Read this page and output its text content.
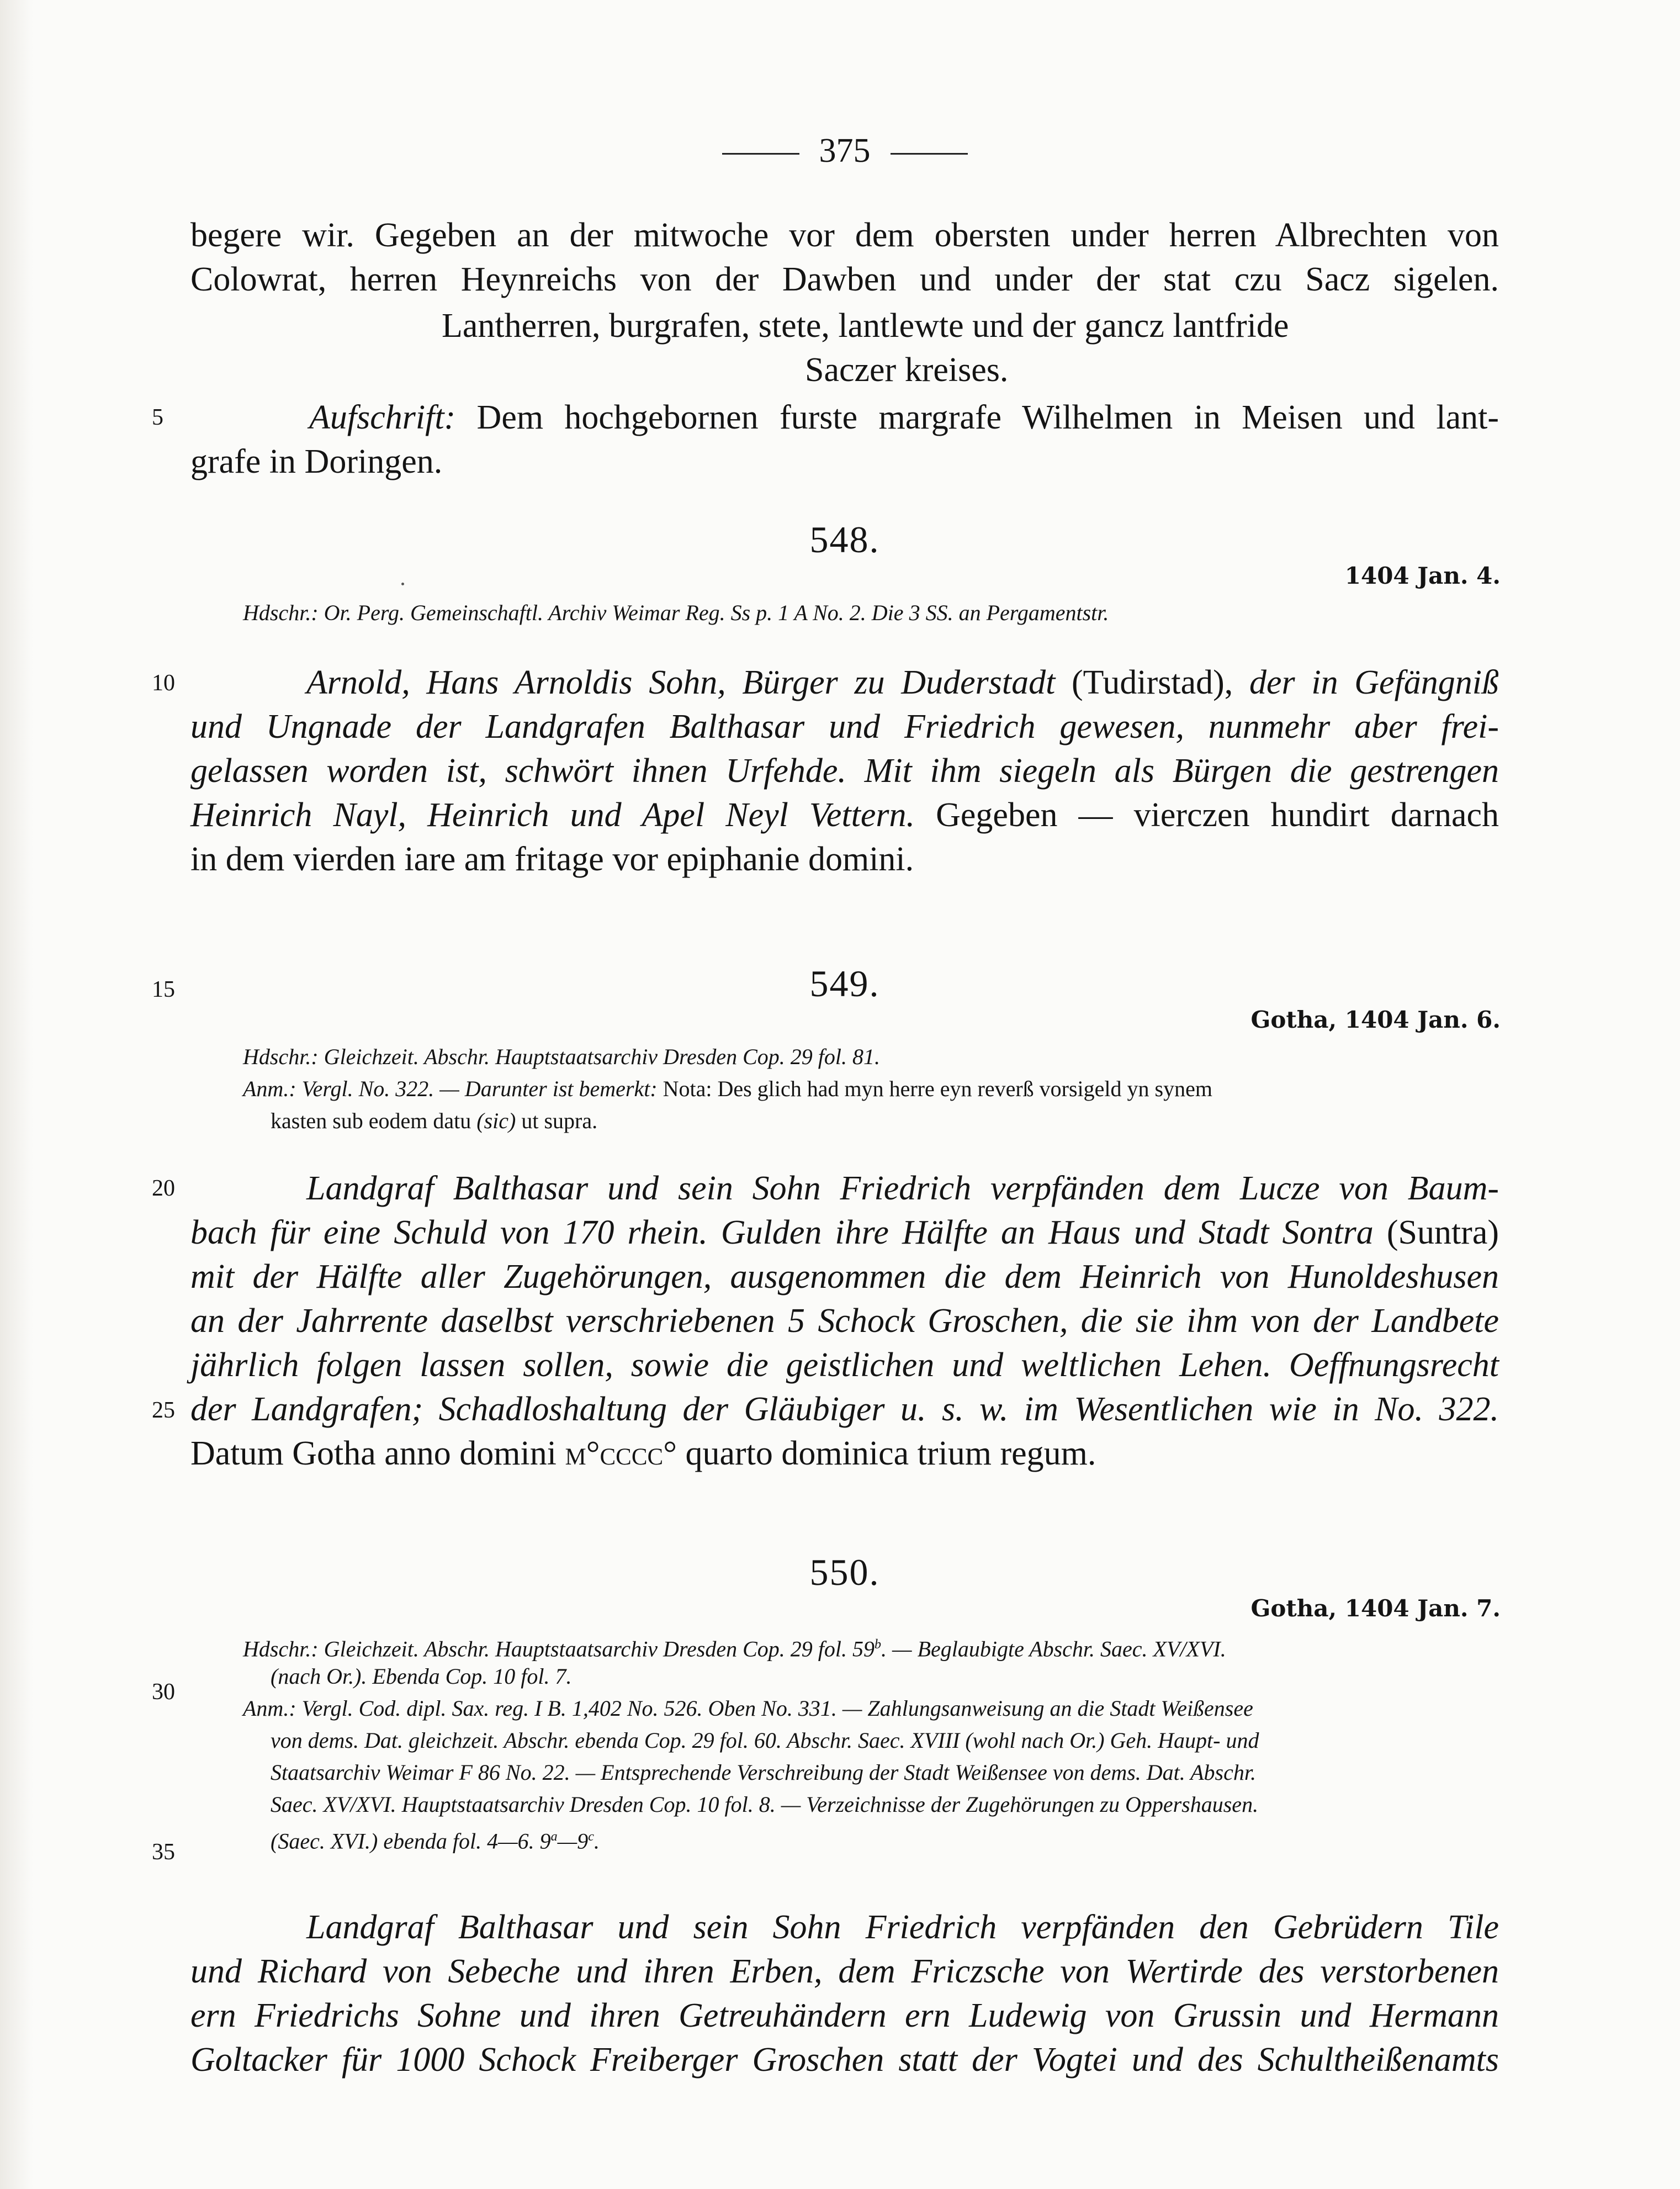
375
begere wir. Gegeben an der mitwoche vor dem obersten under herren Albrechten von
Colowrat, herren Heynreichs von der Dawben und under der stat czu Sacz sigelen.
Lantherren, burgrafen, stete, lantlewte und der gancz lantfride
Saczer kreises.
5	Aufschrift: Dem hochgebornen furste margrafe Wilhelmen in Meisen und lant-
grafe in Doringen.
548.
1404 Jan. 4.
Hdschr.: Or. Perg. Gemeinschaftl. Archiv Weimar Reg. Ss p. 1 A No. 2. Die 3 SS. an Pergamentstr.
10	Arnold, Hans Arnoldis Sohn, Bürger zu Duderstadt (Tudirstad), der in Gefängniß
und Ungnade der Landgrafen Balthasar und Friedrich gewesen, nunmehr aber frei-
gelassen worden ist, schwört ihnen Urfehde. Mit ihm siegeln als Bürgen die gestrengen
Heinrich Nayl, Heinrich und Apel Neyl Vettern. Gegeben — vierczen hundirt darnach
in dem vierden iare am fritage vor epiphanie domini.
15	549.
Gotha, 1404 Jan. 6.
Hdschr.: Gleichzeit. Abschr. Hauptstaatsarchiv Dresden Cop. 29 fol. 81.
Anm.: Vergl. No. 322. — Darunter ist bemerkt: Nota: Des glich had myn herre eyn reverß vorsigeld yn synem
kasten sub eodem datu (sic) ut supra.
20	Landgraf Balthasar und sein Sohn Friedrich verpfänden dem Lucze von Baum-
bach für eine Schuld von 170 rhein. Gulden ihre Hälfte an Haus und Stadt Sontra (Suntra)
mit der Hälfte aller Zugehörungen, ausgenommen die dem Heinrich von Hunoldeshusen
an der Jahrrente daselbst verschriebenen 5 Schock Groschen, die sie ihm von der Landbete
jährlich folgen lassen sollen, sowie die geistlichen und weltlichen Lehen. Oeffnungsrecht
25 der Landgrafen; Schadloshaltung der Gläubiger u. s. w. im Wesentlichen wie in No. 322.
Datum Gotha anno domini m°cccc° quarto dominica trium regum.
550.
Gotha, 1404 Jan. 7.
Hdschr.: Gleichzeit. Abschr. Hauptstaatsarchiv Dresden Cop. 29 fol. 59$^b$. — Beglaubigte Abschr. Saec. XV/XVI.
30
(nach Or.). Ebenda Cop. 10 fol. 7.
Anm.: Vergl. Cod. dipl. Sax. reg. I B. 1,402 No. 526. Oben No. 331. — Zahlungsanweisung an die Stadt Weißensee
von dems. Dat. gleichzeit. Abschr. ebenda Cop. 29 fol. 60. Abschr. Saec. XVIII (wohl nach Or.) Geh. Haupt- und
Staatsarchiv Weimar F 86 No. 22. — Entsprechende Verschreibung der Stadt Weißensee von dems. Dat. Abschr.
Saec. XV/XVI. Hauptstaatsarchiv Dresden Cop. 10 fol. 8. — Verzeichnisse der Zugehörungen zu Oppershausen.
35	(Saec. XVI.) ebenda fol. 4—6. 9$^a$—9$^c$.
Landgraf Balthasar und sein Sohn Friedrich verpfänden den Gebrüdern Tile
und Richard von Sebeche und ihren Erben, dem Friczsche von Wertirde des verstorbenen
ern Friedrichs Sohne und ihren Getreuhändern ern Ludewig von Grussin und Hermann
Goltacker für 1000 Schock Freiberger Groschen statt der Vogtei und des Schultheißenamts
